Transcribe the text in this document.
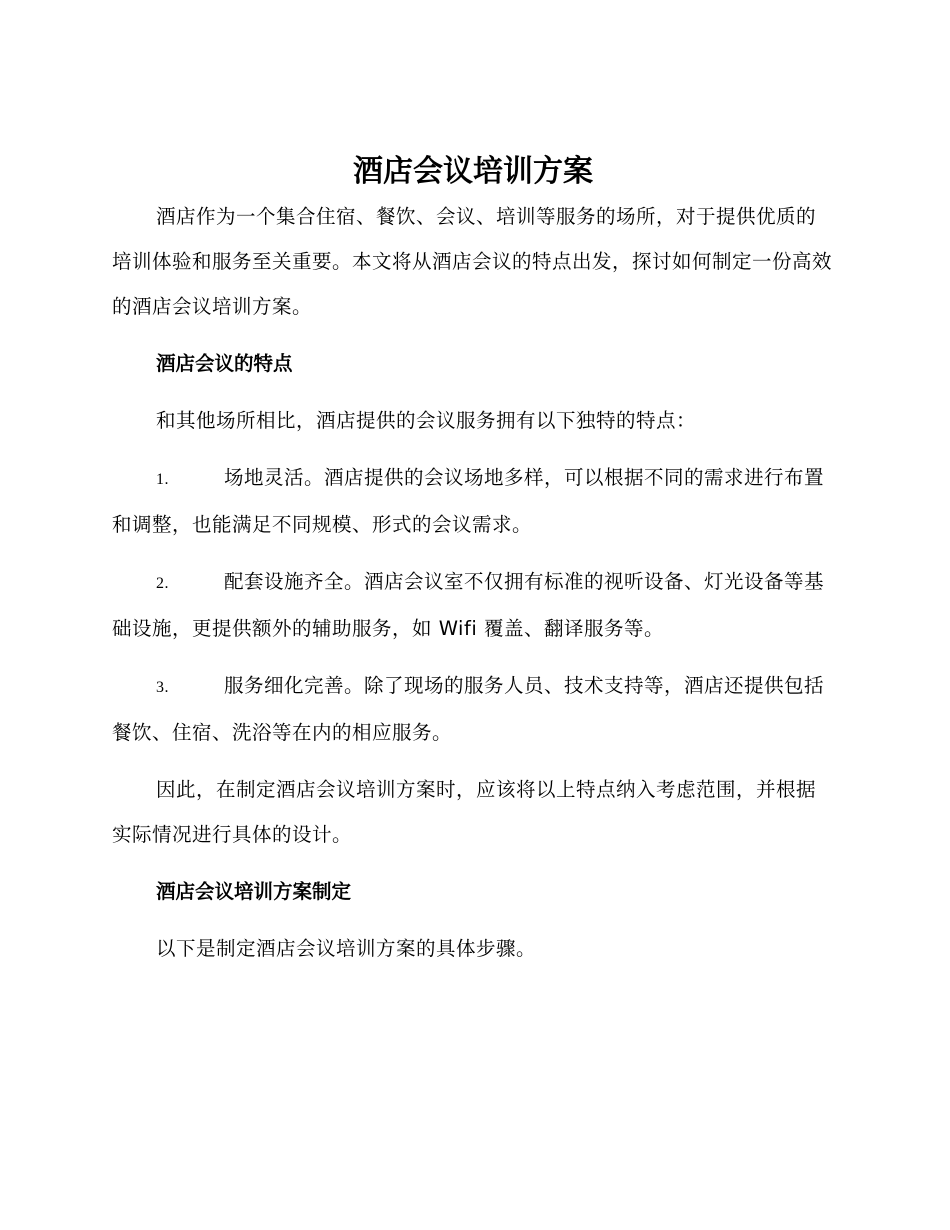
酒店会议培训方案

酒店作为一个集合住宿、餐饮、会议、培训等服务的场所，对于提供优质的培训体验和服务至关重要。本文将从酒店会议的特点出发，探讨如何制定一份高效的酒店会议培训方案。

酒店会议的特点

和其他场所相比，酒店提供的会议服务拥有以下独特的特点：

1.	场地灵活。酒店提供的会议场地多样，可以根据不同的需求进行布置和调整，也能满足不同规模、形式的会议需求。

2.	配套设施齐全。酒店会议室不仅拥有标准的视听设备、灯光设备等基础设施，更提供额外的辅助服务，如 Wifi 覆盖、翻译服务等。

3.	服务细化完善。除了现场的服务人员、技术支持等，酒店还提供包括餐饮、住宿、洗浴等在内的相应服务。

因此，在制定酒店会议培训方案时，应该将以上特点纳入考虑范围，并根据实际情况进行具体的设计。

酒店会议培训方案制定

以下是制定酒店会议培训方案的具体步骤。
